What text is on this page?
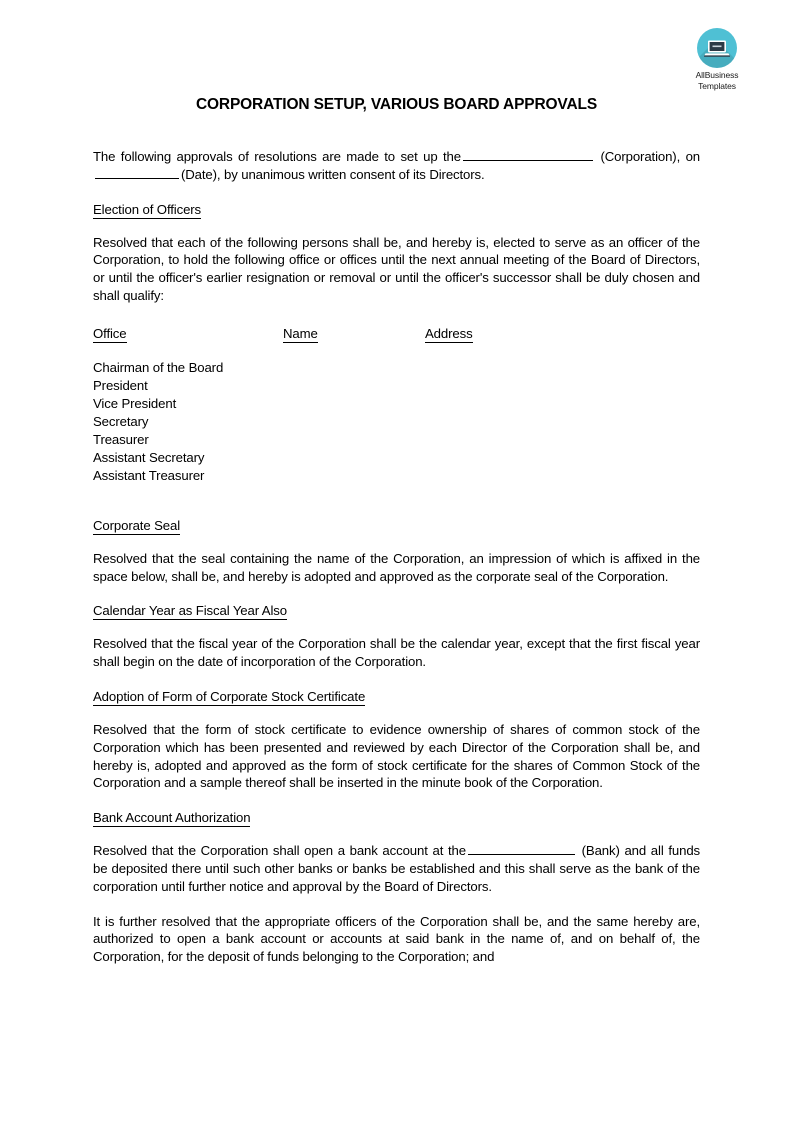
AllBusiness
Templates
CORPORATION SETUP, VARIOUS BOARD APPROVALS

The following approvals of resolutions are made to set up the	(Corporation), on(Date), by unanimous written consent of its Directors.

Election of Officers

Resolved that each of the following persons shall be, and hereby is, elected to serve as an officer of the Corporation, to hold the following office or offices until the next annual meeting of the Board of Directors, or until the officer's earlier resignation or removal or until the officer's successor shall be duly chosen and shall qualify:

Office	Name	Address

Chairman of the Board		
President		
Vice President		
Secretary		
Treasurer		
Assistant Secretary		
Assistant Treasurer		
Corporate Seal

Resolved that the seal containing the name of the Corporation, an impression of which is affixed in the space below, shall be, and hereby is adopted and approved as the corporate seal of the Corporation.

Calendar Year as Fiscal Year Also

Resolved that the fiscal year of the Corporation shall be the calendar year, except that the first fiscal year shall begin on the date of incorporation of the Corporation.

Adoption of Form of Corporate Stock Certificate

Resolved that the form of stock certificate to evidence ownership of shares of common stock of the Corporation which has been presented and reviewed by each Director of the Corporation shall be, and hereby is, adopted and approved as the form of stock certificate for the shares of Common Stock of the Corporation and a sample thereof shall be inserted in the minute book of the Corporation.

Bank Account Authorization

Resolved that the Corporation shall open a bank account at the	(Bank) and all funds be deposited there until such other banks or banks be established and this shall serve as the bank of the corporation until further notice and approval by the Board of Directors.

It is further resolved that the appropriate officers of the Corporation shall be, and the same hereby are, authorized to open a bank account or accounts at said bank in the name of, and on behalf of, the Corporation, for the deposit of funds belonging to the Corporation; and
